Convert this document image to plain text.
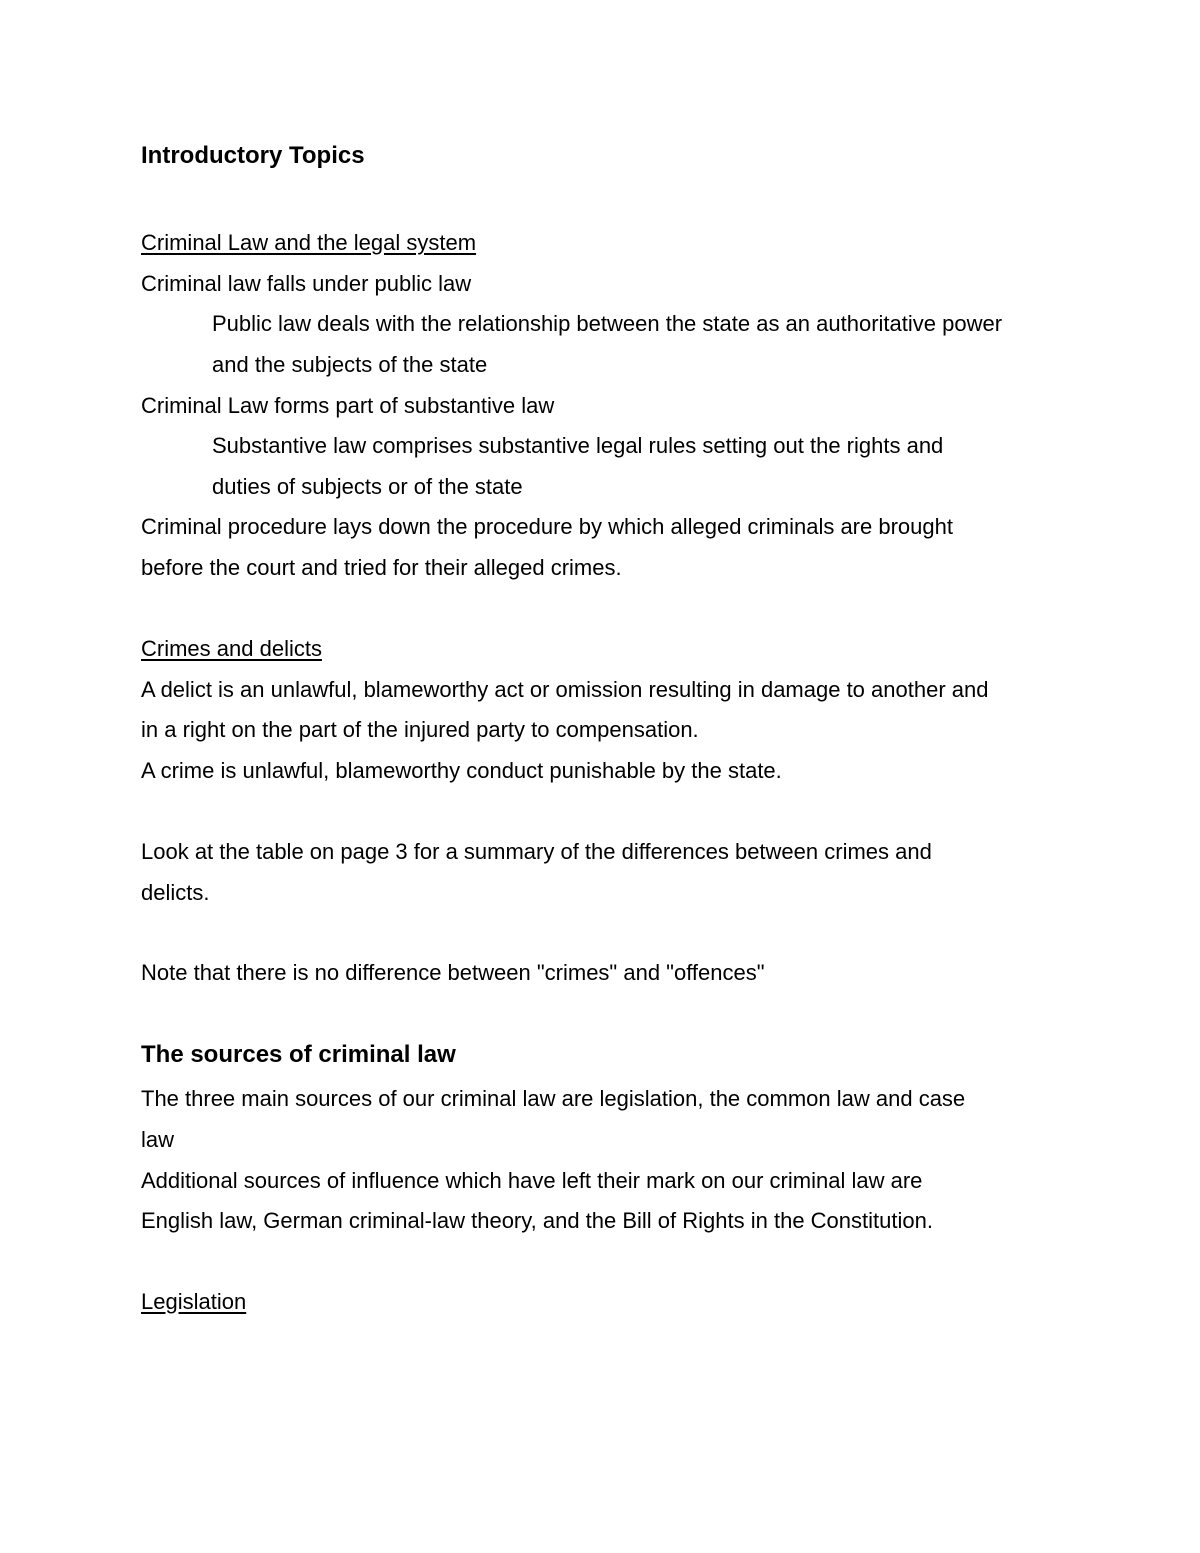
Introductory Topics
Criminal Law and the legal system
Criminal law falls under public law
Public law deals with the relationship between the state as an authoritative power
and the subjects of the state
Criminal Law forms part of substantive law
Substantive law comprises substantive legal rules setting out the rights and
duties of subjects or of the state
Criminal procedure lays down the procedure by which alleged criminals are brought
before the court and tried for their alleged crimes.
Crimes and delicts
A delict is an unlawful, blameworthy act or omission resulting in damage to another and
in a right on the part of the injured party to compensation.
A crime is unlawful, blameworthy conduct punishable by the state.
Look at the table on page 3 for a summary of the differences between crimes and
delicts.
Note that there is no difference between "crimes" and "offences"
The sources of criminal law
The three main sources of our criminal law are legislation, the common law and case
law
Additional sources of influence which have left their mark on our criminal law are
English law, German criminal-law theory, and the Bill of Rights in the Constitution.
Legislation
